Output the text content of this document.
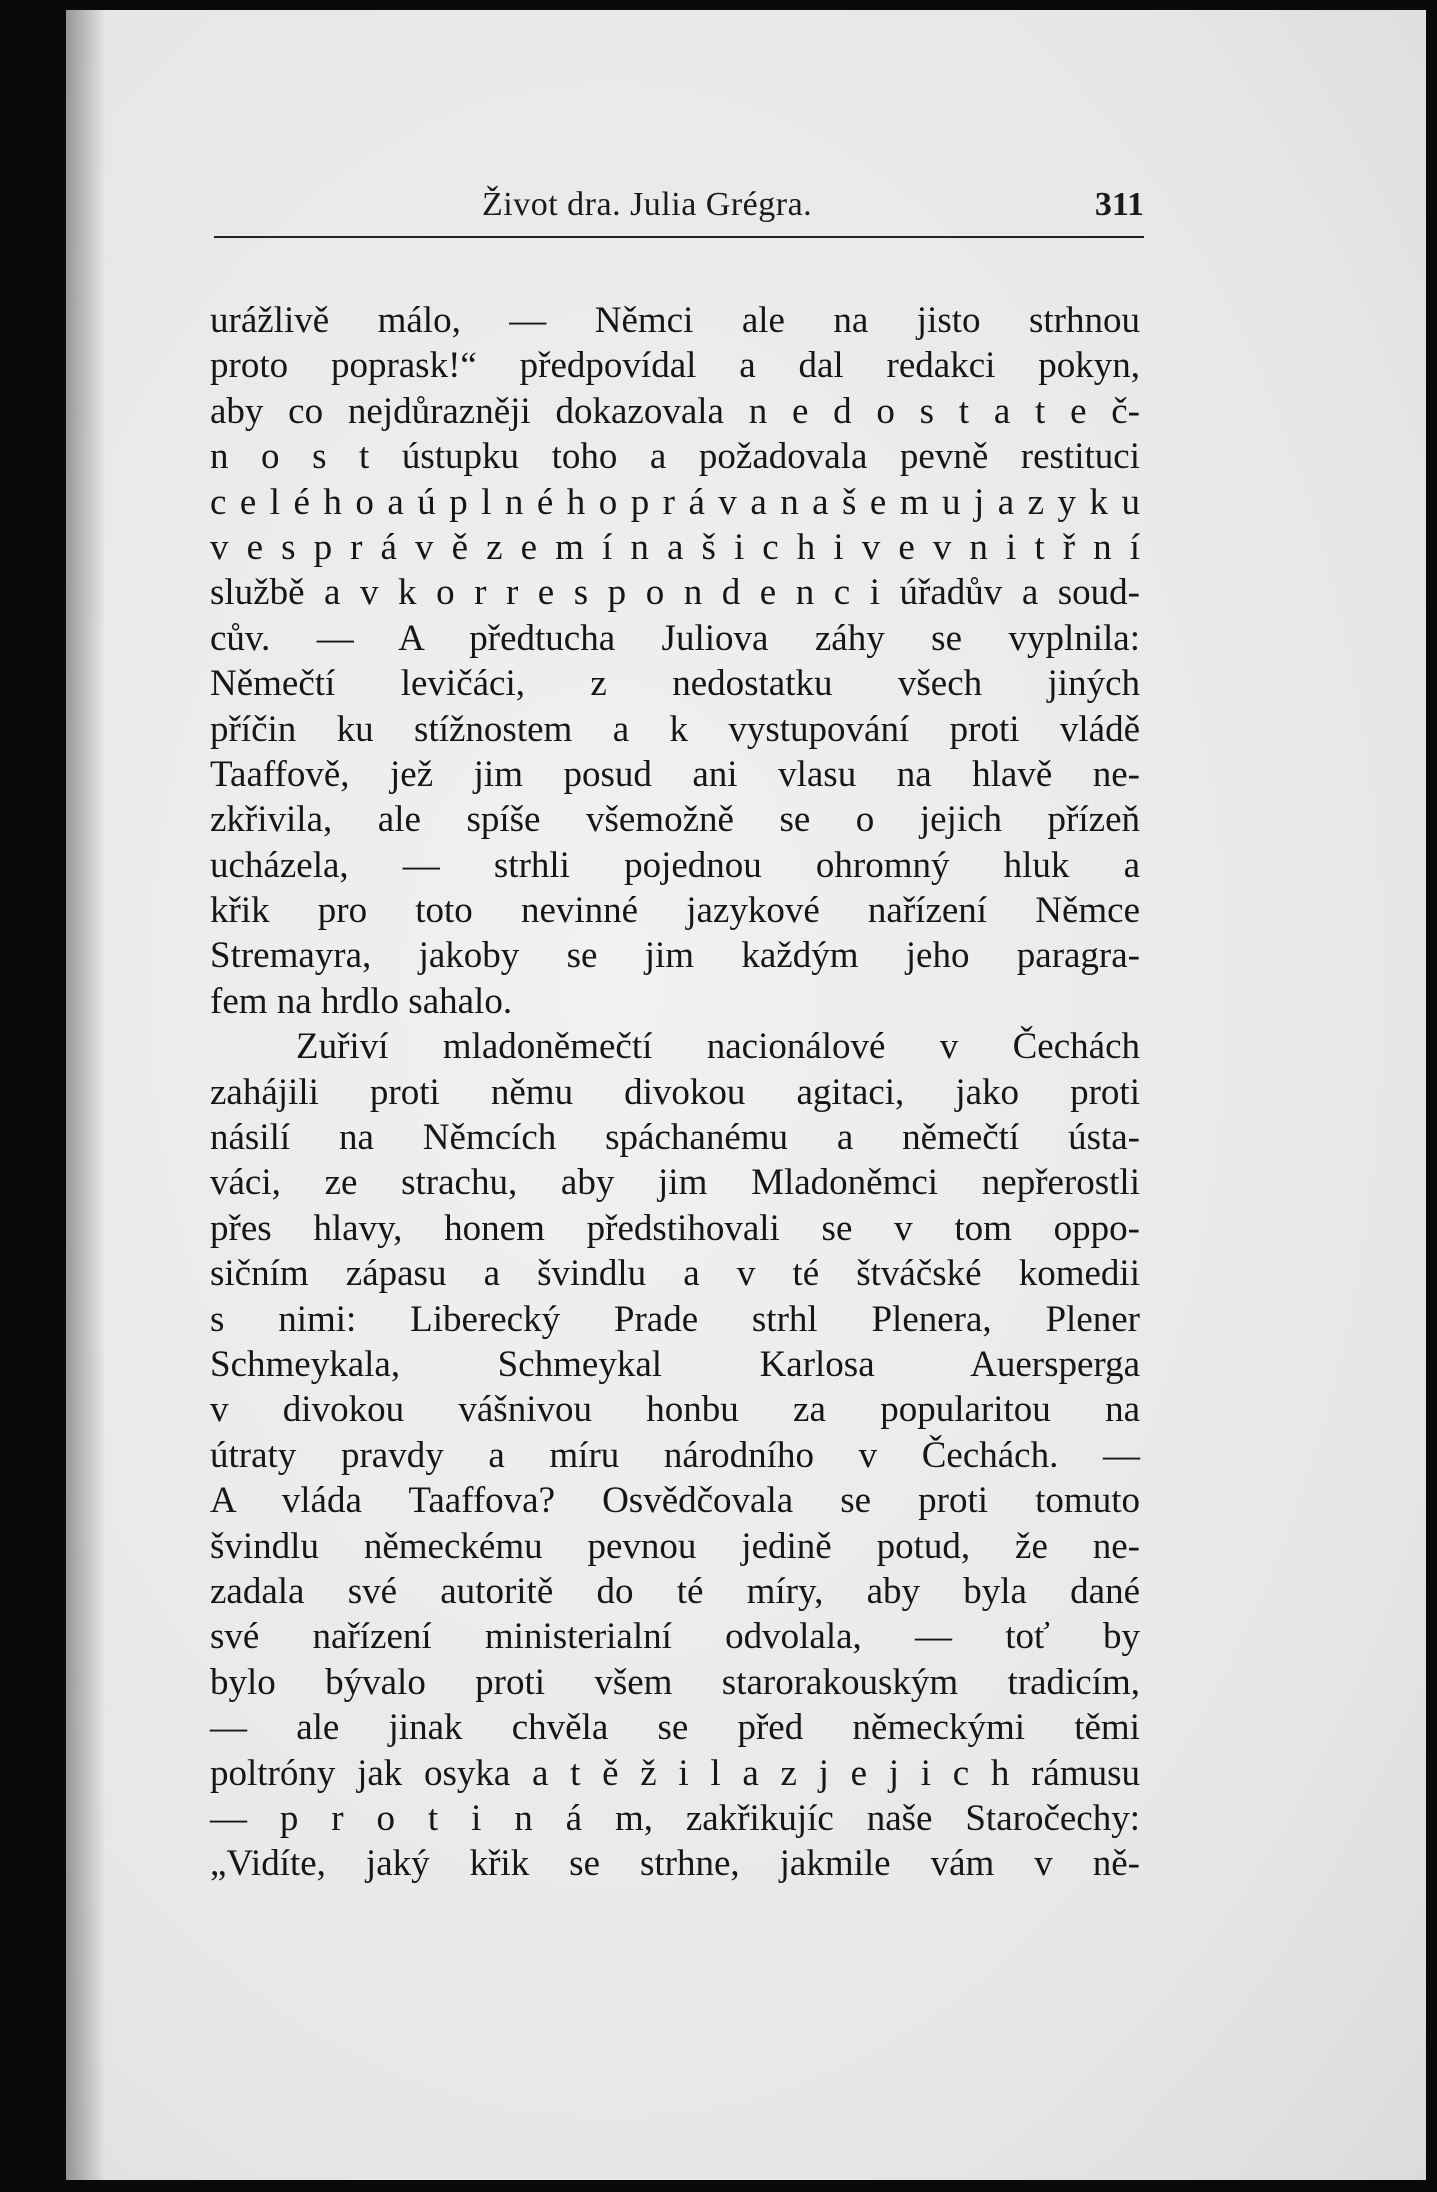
Život dra. Julia Grégra.	311
urážlivě málo, — Němci ale na jisto strhnou
proto poprask!“ předpovídal a dal redakci pokyn,
aby co nejdůrazněji dokazovala n e d o s t a t e č-
n o s t ústupku toho a požadovala pevně restituci
c e l é h o a ú p l n é h o p r á v a n a š e m u j a z y k u
v e s p r á v ě z e m í n a š i c h i v e v n i t ř n í
službě a v k o r r e s p o n d e n c i úřadův a soud-
cův. — A předtucha Juliova záhy se vyplnila:
Němečtí levičáci, z nedostatku všech jiných
příčin ku stížnostem a k vystupování proti vládě
Taaffově, jež jim posud ani vlasu na hlavě ne-
zkřivila, ale spíše všemožně se o jejich přízeň
ucházela, — strhli pojednou ohromný hluk a
křik pro toto nevinné jazykové nařízení Němce
Stremayra, jakoby se jim každým jeho paragra-
fem na hrdlo sahalo.
Zuřiví mladoněmečtí nacionálové v Čechách
zahájili proti němu divokou agitaci, jako proti
násilí na Němcích spáchanému a němečtí ústa-
váci, ze strachu, aby jim Mladoněmci nepřerostli
přes hlavy, honem předstihovali se v tom oppo-
sičním zápasu a švindlu a v té štváčské komedii
s nimi: Liberecký Prade strhl Plenera, Plener
Schmeykala, Schmeykal Karlosa Auersperga
v divokou vášnivou honbu za popularitou na
útraty pravdy a míru národního v Čechách. —
A vláda Taaffova? Osvědčovala se proti tomuto
švindlu německému pevnou jedině potud, že ne-
zadala své autoritě do té míry, aby byla dané
své nařízení ministerialní odvolala, — toť by
bylo bývalo proti všem starorakouským tradicím,
— ale jinak chvěla se před německými těmi
poltróny jak osyka a t ě ž i l a z j e j i c h rámusu
— p r o t i n á m, zakřikujíc naše Staročechy:
„Vidíte, jaký křik se strhne, jakmile vám v ně-
